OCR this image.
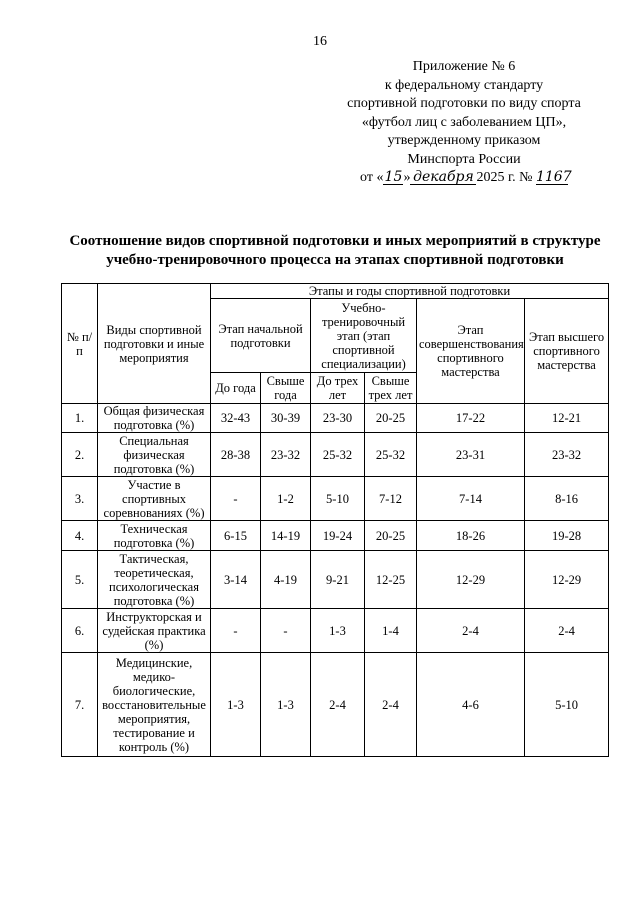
16
Приложение № 6
к федеральному стандарту
спортивной подготовки по виду спорта
«футбол лиц с заболеванием ЦП»,
утвержденному приказом
Минспорта России
от «15» декабря 2025 г. № 1167
Соотношение видов спортивной подготовки и иных мероприятий в структуре
учебно-тренировочного процесса на этапах спортивной подготовки
№ п/п	Виды спортивной подготовки и иные мероприятия	Этапы и годы спортивной подготовки					
		Этап начальной подготовки		Учебно-тренировочный этап (этап спортивной специализации)		Этап совершенствования спортивного мастерства	Этап высшего спортивного мастерства
		До года	Свыше года	До трех лет	Свыше трех лет		
1.	Общая физическая подготовка (%)	32-43	30-39	23-30	20-25	17-22	12-21
2.	Специальная физическая подготовка (%)	28-38	23-32	25-32	25-32	23-31	23-32
3.	Участие в спортивных соревнованиях (%)	-	1-2	5-10	7-12	7-14	8-16
4.	Техническая подготовка (%)	6-15	14-19	19-24	20-25	18-26	19-28
5.	Тактическая, теоретическая, психологическая подготовка (%)	3-14	4-19	9-21	12-25	12-29	12-29
6.	Инструкторская и судейская практика (%)	-	-	1-3	1-4	2-4	2-4
7.	Медицинские, медико-биологические, восстановительные мероприятия, тестирование и контроль (%)	1-3	1-3	2-4	2-4	4-6	5-10
